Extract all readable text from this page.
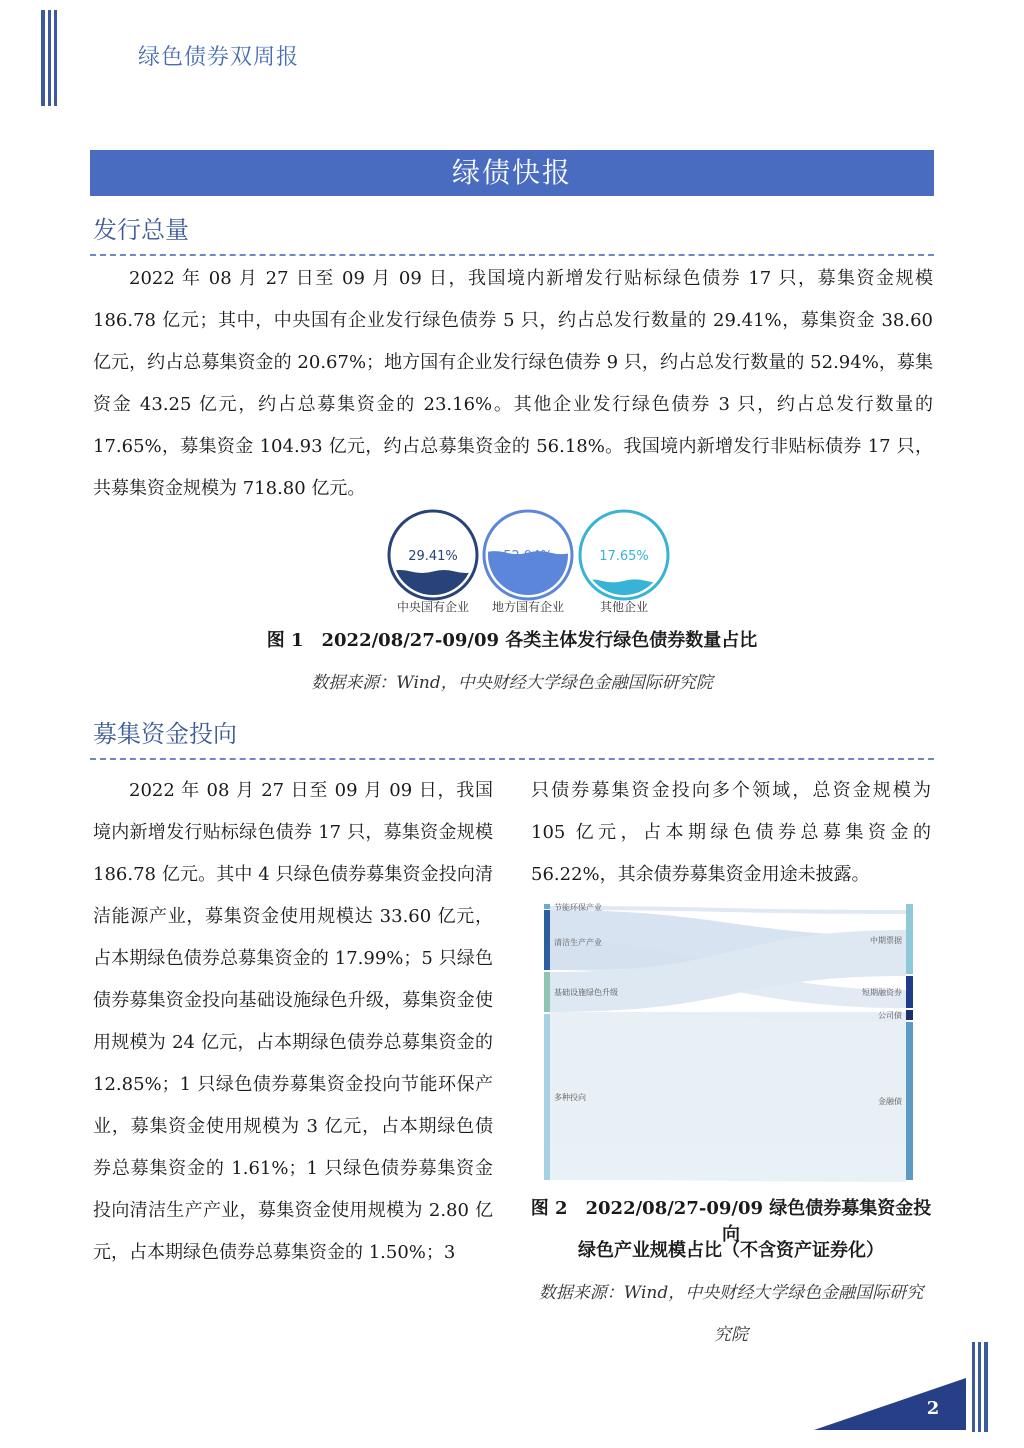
绿色债券双周报
绿债快报
发行总量

2022 年 08 月 27 日至 09 月 09 日，我国境内新增发行贴标绿色债券 17 只，募集资金规模 186.78 亿元；其中，中央国有企业发行绿色债券 5 只，约占总发行数量的 29.41%，募集资金 38.60 亿元，约占总募集资金的 20.67%；地方国有企业发行绿色债券 9 只，约占总发行数量的 52.94%，募集资金 43.25 亿元，约占总募集资金的 23.16%。其他企业发行绿色债券 3 只，约占总发行数量的 17.65%，募集资金 104.93 亿元，约占总募集资金的 56.18%。我国境内新增发行非贴标债券 17 只，共募集资金规模为 718.80 亿元。

29.41%
中央国有企业
52.94%
地方国有企业
17.65%
其他企业
图 1　2022/08/27-09/09 各类主体发行绿色债券数量占比
数据来源：Wind，中央财经大学绿色金融国际研究院
募集资金投向

2022 年 08 月 27 日至 09 月 09 日，我国境内新增发行贴标绿色债券 17 只，募集资金规模 186.78 亿元。其中 4 只绿色债券募集资金投向清洁能源产业，募集资金使用规模达 33.60 亿元，占本期绿色债券总募集资金的 17.99%；5 只绿色债券募集资金投向基础设施绿色升级，募集资金使用规模为 24 亿元，占本期绿色债券总募集资金的 12.85%；1 只绿色债券募集资金投向节能环保产业，募集资金使用规模为 3 亿元，占本期绿色债券总募集资金的 1.61%；1 只绿色债券募集资金投向清洁生产产业，募集资金使用规模为 2.80 亿元，占本期绿色债券总募集资金的 1.50%；3

只债券募集资金投向多个领域，总资金规模为 105 亿元，占本期绿色债券总募集资金的 56.22%，其余债券募集资金用途未披露。

节能环保产业
清洁生产产业
基础设施绿色升级
多种投向
中期票据
短期融资券
公司债
金融债
图 2　2022/08/27-09/09 绿色债券募集资金投向
绿色产业规模占比（不含资产证券化）
数据来源：Wind，中央财经大学绿色金融国际研究
究院
2
